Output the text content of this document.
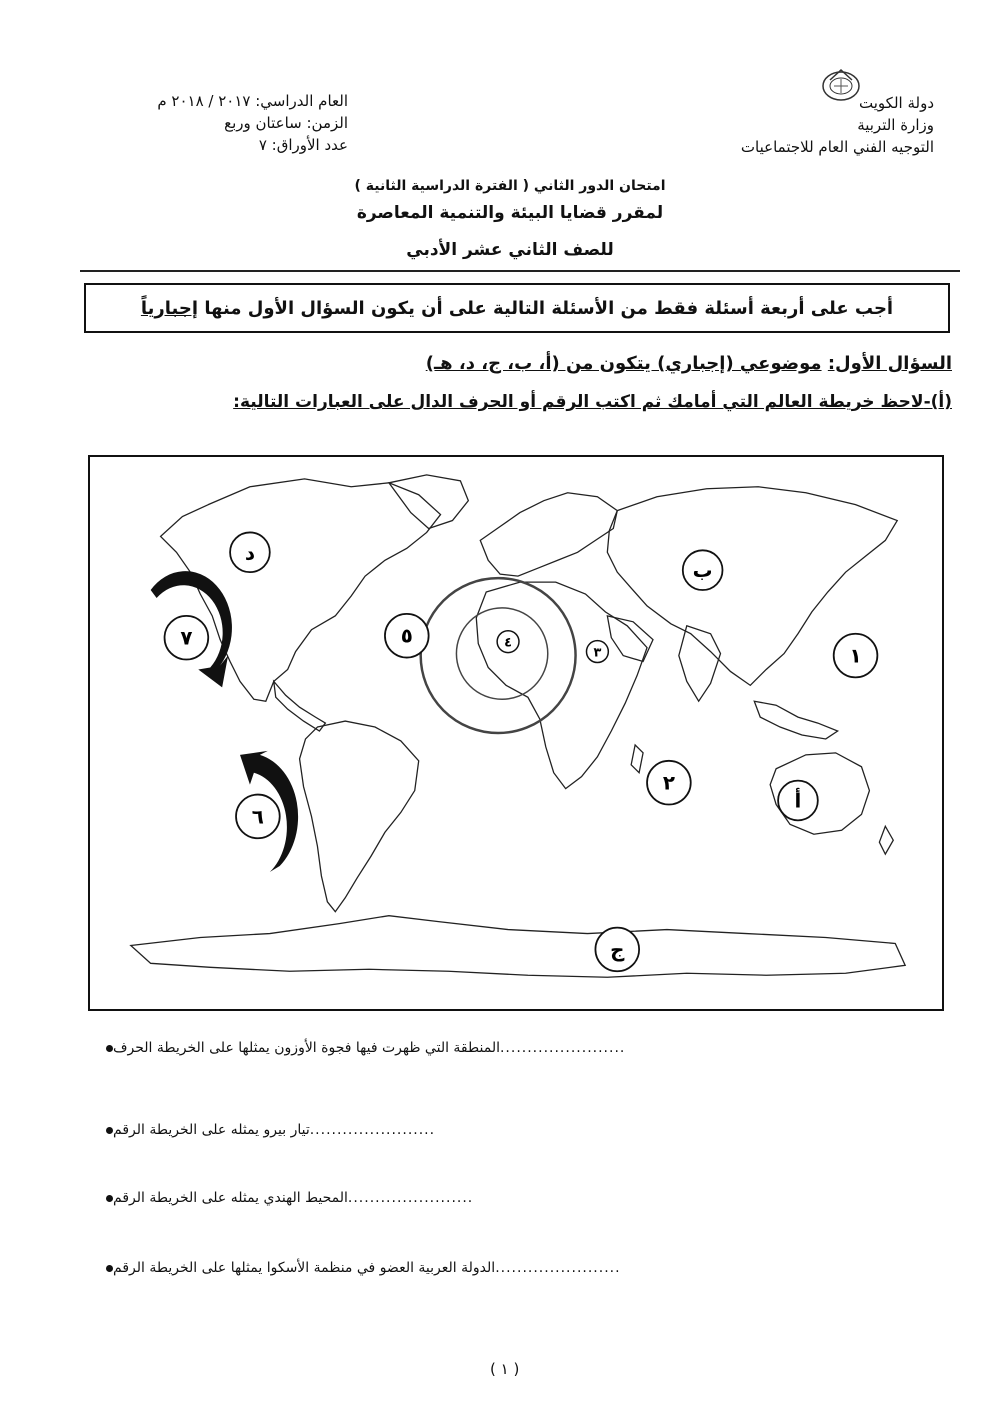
دولة الكويت
وزارة التربية
التوجيه الفني العام للاجتماعيات
العام الدراسي: ٢٠١٧ / ٢٠١٨ م
الزمن: ساعتان وربع
عدد الأوراق: ٧
امتحان الدور الثاني ( الفترة الدراسية الثانية )
لمقرر قضايا البيئة والتنمية المعاصرة
للصف الثاني عشر الأدبي
أجب على أربعة أسئلة فقط من الأسئلة التالية على أن يكون السؤال الأول منها

إجبارياً
السؤال الأول: موضوعي (إجباري) يتكون من (أ، ب، ج، د، هـ)
(أ)-لاحظ خريطة العالم التي أمامك ثم اكتب الرقم أو الحرف الدال على العبارات التالية:
د
ب
أ
ج
١
٢
٣
٤
٥
٦
٧
المنطقة التي ظهرت فيها فجوة الأوزون يمثلها على الخريطة الحرف .......................
تيار بيرو يمثله على الخريطة الرقم .......................
المحيط الهندي يمثله على الخريطة الرقم .......................
الدولة العربية العضو في منظمة الأسكوا يمثلها على الخريطة الرقم .......................
( ١ )
